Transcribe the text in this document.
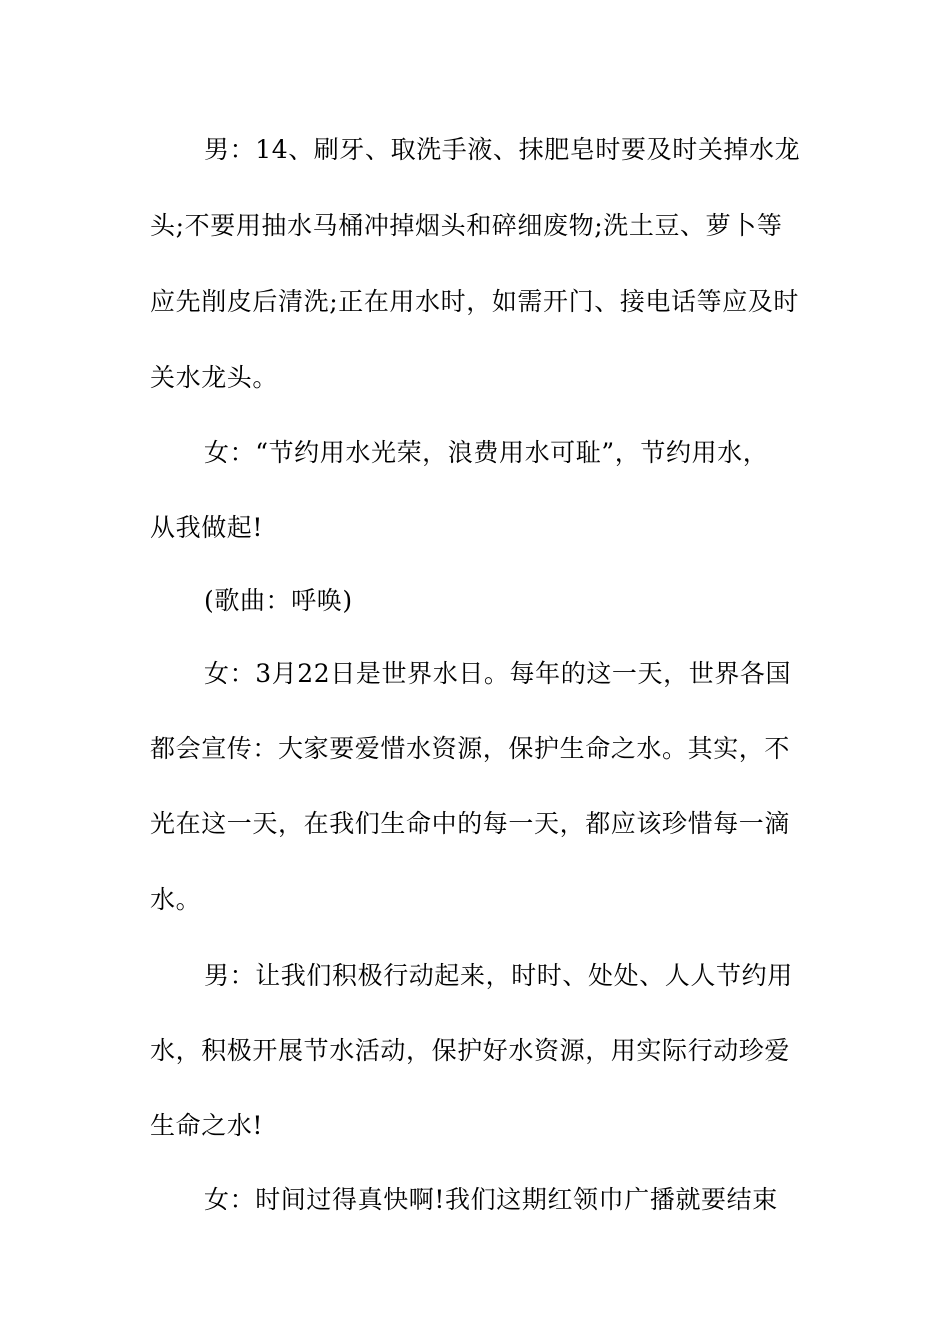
男：14、刷牙、取洗手液、抹肥皂时要及时关掉水龙
头;不要用抽水马桶冲掉烟头和碎细废物;洗土豆、萝卜等
应先削皮后清洗;正在用水时，如需开门、接电话等应及时
关水龙头。
女：“节约用水光荣，浪费用水可耻”，节约用水，
从我做起!
(歌曲：呼唤)
女：3月22日是世界水日。每年的这一天，世界各国
都会宣传：大家要爱惜水资源，保护生命之水。其实，不
光在这一天，在我们生命中的每一天，都应该珍惜每一滴
水。
男：让我们积极行动起来，时时、处处、人人节约用
水，积极开展节水活动，保护好水资源，用实际行动珍爱
生命之水!
女：时间过得真快啊!我们这期红领巾广播就要结束
